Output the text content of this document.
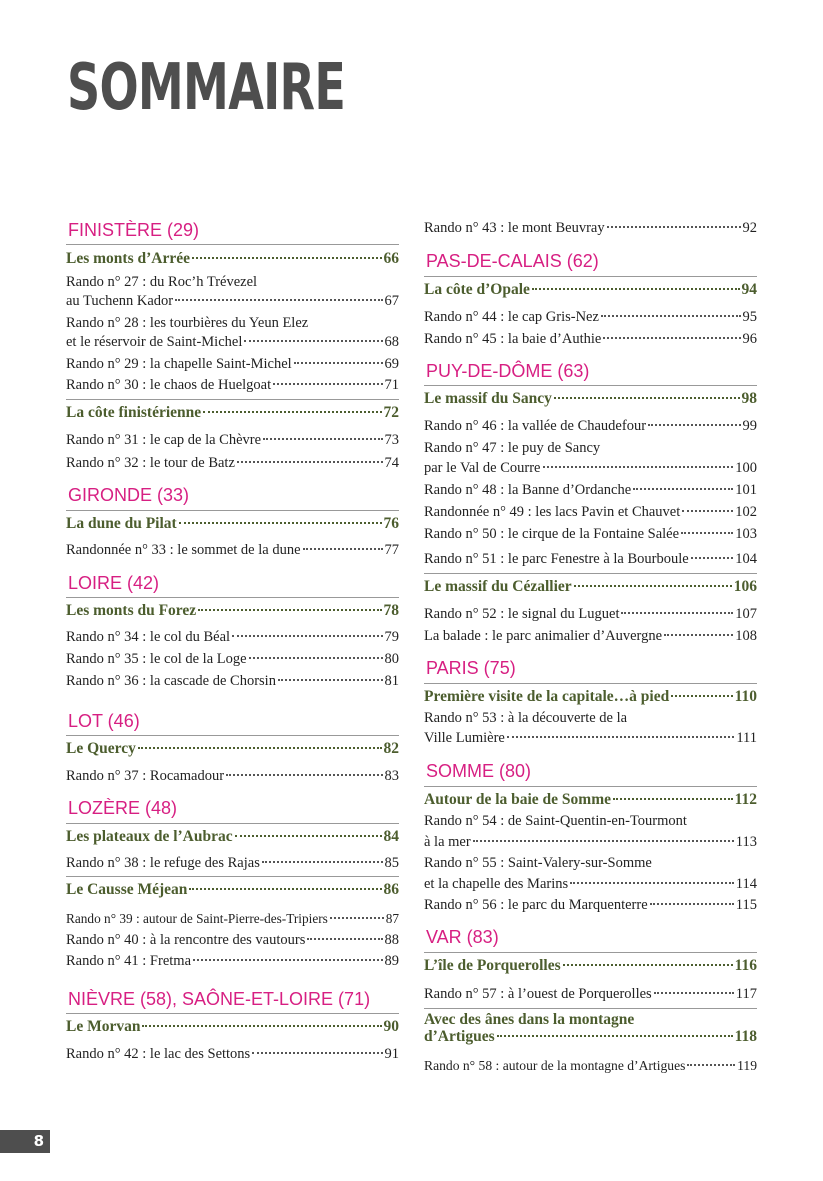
SOMMAIRE
FINISTÈRE (29)
Les monts d’Arrée	66
Rando n° 27 : du Roc’h Trévezel
au Tuchenn Kador	67
Rando n° 28 : les tourbières du Yeun Elez
et le réservoir de Saint-Michel	68
Rando n° 29 : la chapelle Saint-Michel	69
Rando n° 30 : le chaos de Huelgoat	71
La côte finistérienne	72
Rando n° 31 : le cap de la Chèvre	73
Rando n° 32 : le tour de Batz	74
GIRONDE (33)
La dune du Pilat	76
Randonnée n° 33 : le sommet de la dune	77
LOIRE (42)
Les monts du Forez	78
Rando n° 34 : le col du Béal	79
Rando n° 35 : le col de la Loge	80
Rando n° 36 : la cascade de Chorsin	81
LOT (46)
Le Quercy	82
Rando n° 37 : Rocamadour	83
LOZÈRE (48)
Les plateaux de l’Aubrac	84
Rando n° 38 : le refuge des Rajas	85
Le Causse Méjean	86
Rando n° 39 : autour de Saint-Pierre-des-Tripiers	87
Rando n° 40 : à la rencontre des vautours	88
Rando n° 41 : Fretma	89
NIÈVRE (58), SAÔNE-ET-LOIRE (71)
Le Morvan	90
Rando n° 42 : le lac des Settons	91
Rando n° 43 : le mont Beuvray	92
PAS-DE-CALAIS (62)
La côte d’Opale	94
Rando n° 44 : le cap Gris-Nez	95
Rando n° 45 : la baie d’Authie	96
PUY-DE-DÔME (63)
Le massif du Sancy	98
Rando n° 46 : la vallée de Chaudefour	99
Rando n° 47 : le puy de Sancy
par le Val de Courre	100
Rando n° 48 : la Banne d’Ordanche	101
Randonnée n° 49 : les lacs Pavin et Chauvet	102
Rando n° 50 : le cirque de la Fontaine Salée	103
Rando n° 51 : le parc Fenestre à la Bourboule	104
Le massif du Cézallier	106
Rando n° 52 : le signal du Luguet	107
La balade : le parc animalier d’Auvergne	108
PARIS (75)
Première visite de la capitale…à pied	110
Rando n° 53 : à la découverte de la
Ville Lumière	111
SOMME (80)
Autour de la baie de Somme	112
Rando n° 54 : de Saint-Quentin-en-Tourmont
à la mer	113
Rando n° 55 : Saint-Valery-sur-Somme
et la chapelle des Marins	114
Rando n° 56 : le parc du Marquenterre	115
VAR (83)
L’île de Porquerolles	116
Rando n° 57 : à l’ouest de Porquerolles	117
Avec des ânes dans la montagne
d’Artigues	118
Rando n° 58 : autour de la montagne d’Artigues	119
8
